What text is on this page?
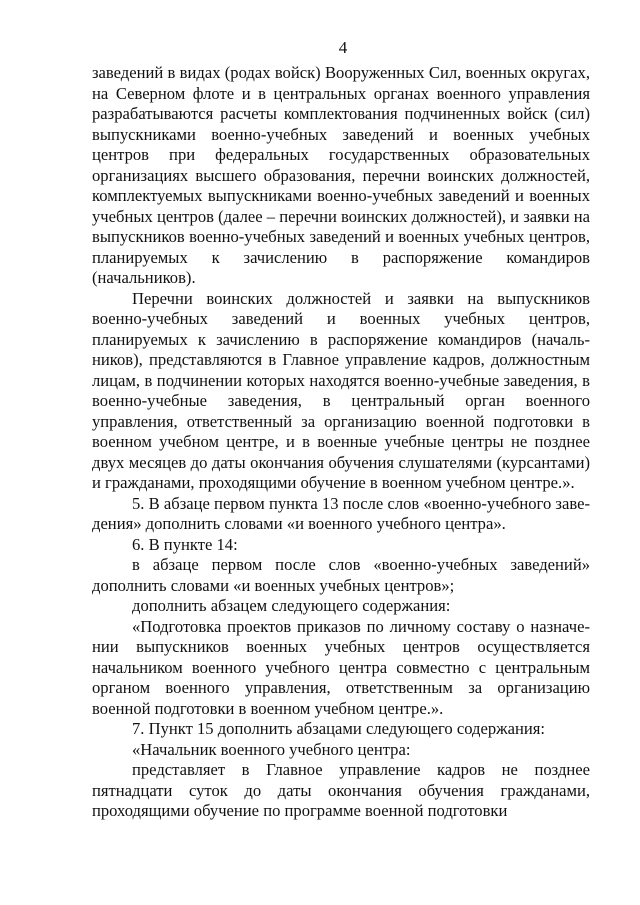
4

заведений в видах (родах войск) Вооруженных Сил, военных округах, на Северном флоте и в центральных органах военного управления разрабатываются расчеты комплектования подчиненных войск (сил) выпускниками военно-учебных заведений и военных учебных центров при федеральных государственных образовательных организациях высшего образования, перечни воинских должностей, комплектуемых выпускниками военно-учебных заведений и военных учебных центров (далее – перечни воинских должностей), и заявки на выпускников военно-учебных заведений и военных учебных центров, планируемых к зачислению в распоряжение командиров (начальников).

Перечни воинских должностей и заявки на выпускников военно-учебных заведений и военных учебных центров, планируемых к зачислению в распоряжение командиров (начальников), представляются в Главное управление кадров, должностным лицам, в подчинении которых находятся военно-учебные заведения, в военно-учебные заведения, в центральный орган военного управления, ответственный за организацию военной подготовки в военном учебном центре, и в военные учебные центры не позднее двух месяцев до даты окончания обучения слушателями (курсантами) и гражданами, проходящими обучение в военном учебном центре.».

5. В абзаце первом пункта 13 после слов «военно-учебного заведения» дополнить словами «и военного учебного центра».

6. В пункте 14:

в абзаце первом после слов «военно-учебных заведений» дополнить словами «и военных учебных центров»;

дополнить абзацем следующего содержания:

«Подготовка проектов приказов по личному составу о назначении выпускников военных учебных центров осуществляется начальником военного учебного центра совместно с центральным органом военного управления, ответственным за организацию военной подготовки в военном учебном центре.».

7. Пункт 15 дополнить абзацами следующего содержания:

«Начальник военного учебного центра:

представляет в Главное управление кадров не позднее пятнадцати суток до даты окончания обучения гражданами, проходящими обучение по программе военной подготовки
